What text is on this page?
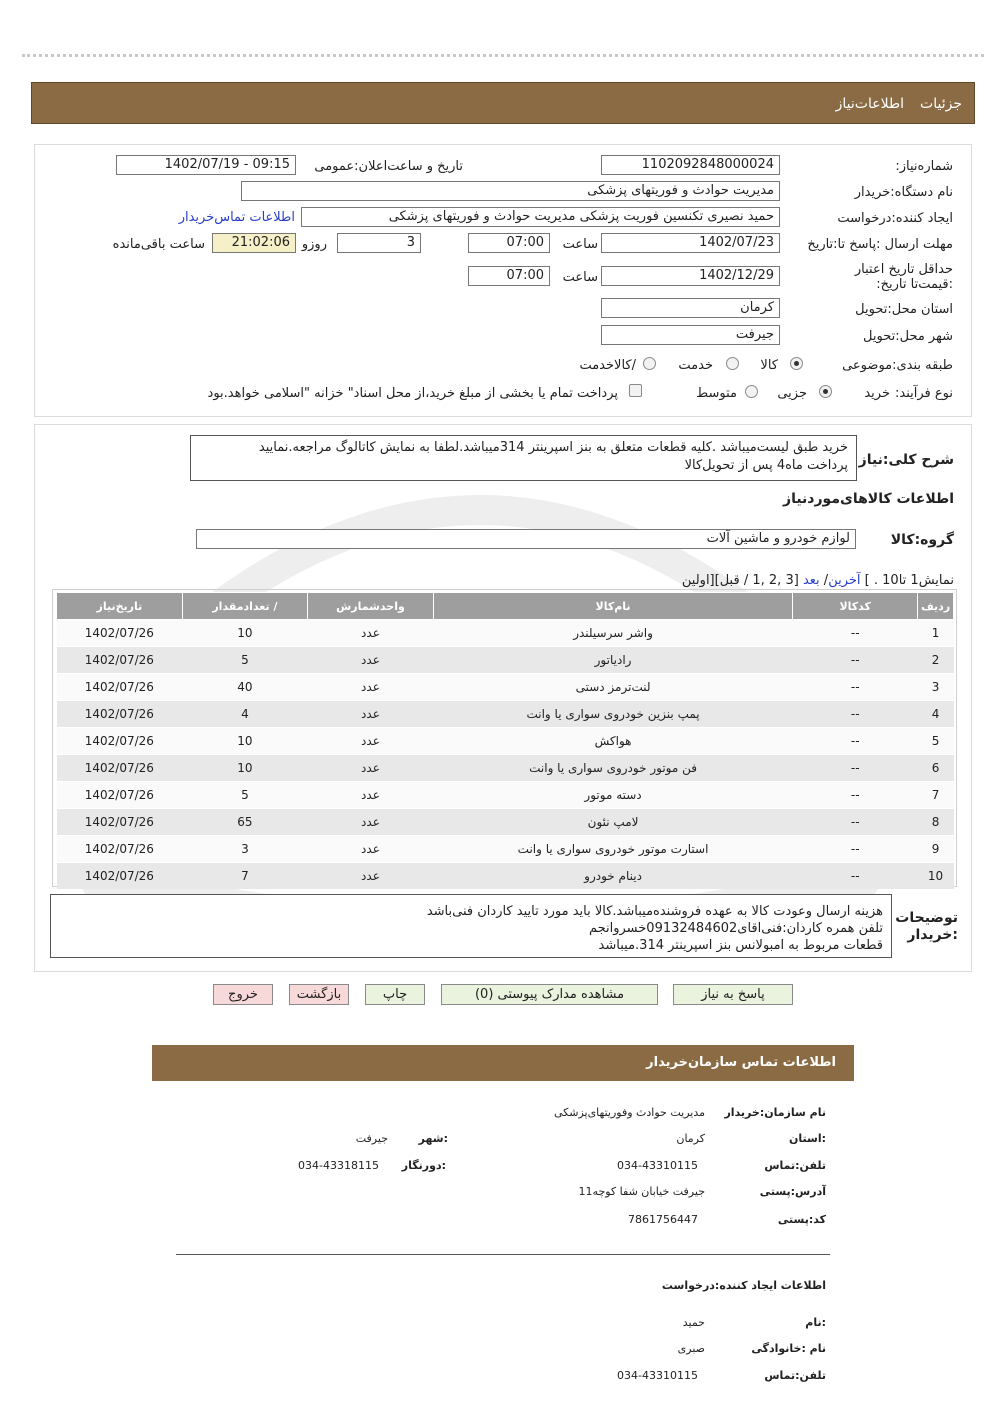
جزئیات
اطلاعات‌نیاز
شماره‌نیاز:
1102092848000024
تاریخ و ساعت‌اعلان:عمومی
1402/07/19 - 09:15
نام دستگاه:خریدار
مدیریت حوادث و فوریتهای پزشکی
ایجاد کننده:درخواست
حمید نصیری تکنسین فوریت پزشکی مدیریت حوادث و فوریتهای پزشکی
اطلاعات تماس‌خریدار
مهلت ارسال :پاسخ تا:تاریخ
1402/07/23
ساعت
07:00
3
روزو
21:02:06
ساعت باقی‌مانده
حداقل تاریخ اعتبار :قیمت‌تا تاریخ:
1402/12/29
ساعت
07:00
استان محل:تحویل
کرمان
شهر محل:تحویل
جیرفت
طبقه بندی:موضوعی
کالا
خدمت
/کالاخدمت
نوع فرآیند:
خرید
جزیی
متوسط
پرداخت تمام یا بخشی از مبلغ خرید،از محل اسناد" خزانه "اسلامی خواهد.بود
شرح کلی:نیاز
خرید طبق لیست‌میباشد .کلیه قطعات متعلق به بنز اسپرینتر 314میباشد.لطفا به نمایش کاتالوگ مراجعه.نمایید
پرداخت ماه4 پس از تحویل‌کالا
اطلاعات کالاهای‌موردنیاز
گروه:کالا
لوازم خودرو و ماشین آلات
نمایش1 تا10 . ] آخرین/ بعد [3 ,2 ,1 / قبل][اولین
ردیف	کدکالا	نام‌کالا	واحدشمارش	/ تعدادمقدار	تاریخ‌نیاز
1	--	واشر سرسیلندر	عدد	10	1402/07/26
2	--	رادیاتور	عدد	5	1402/07/26
3	--	لنت‌ترمز دستی	عدد	40	1402/07/26
4	--	پمپ بنزین خودروی سواری یا وانت	عدد	4	1402/07/26
5	--	هواکش	عدد	10	1402/07/26
6	--	فن موتور خودروی سواری یا وانت	عدد	10	1402/07/26
7	--	دسته موتور	عدد	5	1402/07/26
8	--	لامپ نئون	عدد	65	1402/07/26
9	--	استارت موتور خودروی سواری یا وانت	عدد	3	1402/07/26
10	--	دینام خودرو	عدد	7	1402/07/26
توضیحات :خریدار
هزینه ارسال وعودت کالا به عهده فروشنده‌میباشد.کالا باید مورد تایید کاردان فنی‌باشد
تلفن همره کاردان:فنی‌اقای09132484602خسروانجم
قطعات مربوط به امبولانس بنز اسپرینتر 314.میباشد
پاسخ به نیاز
مشاهده مدارک پیوستی (0)
چاپ
بازگشت
خروج
اطلاعات تماس سازمان‌خریدار
نام سازمان:خریدار
مدیریت حوادث وفوریتهای‌پزشکی
:استان
کرمان
:شهر
جیرفت
تلفن:تماس
034-43310115
:دورنگار
034-43318115
آدرس:پستی
جیرفت خیابان شفا کوچه11
کد:پستی
7861756447
اطلاعات ایجاد کننده:درخواست
:نام
حمید
نام :خانوادگی
صبری
تلفن:تماس
034-43310115
